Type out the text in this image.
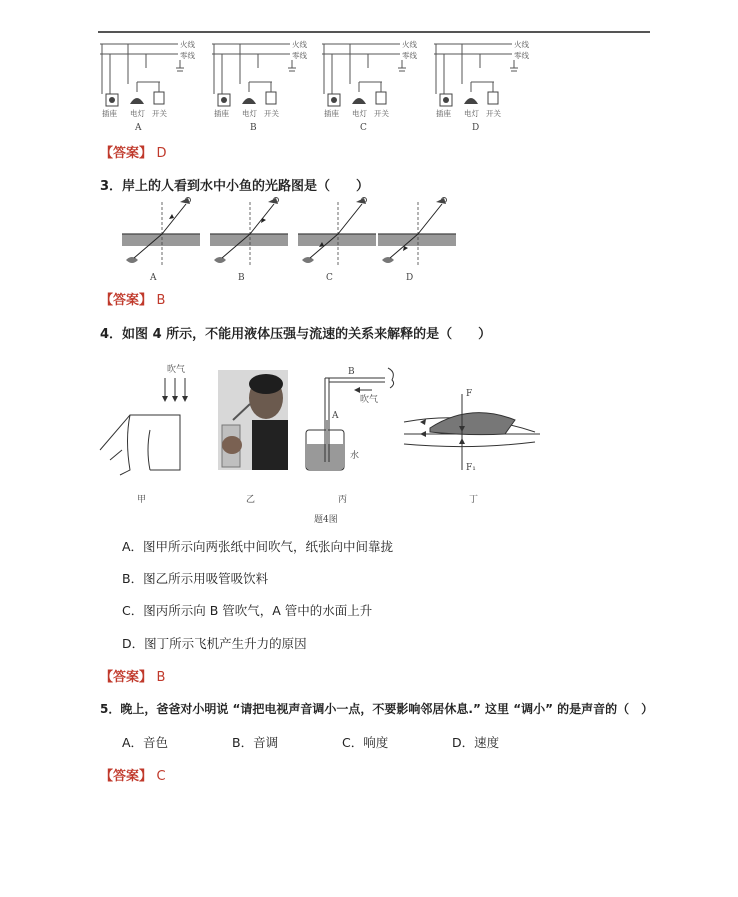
火线
零线
插座 电灯 开关
A
火线
零线
插座 电灯 开关
B
火线
零线
插座 电灯 开关
C
火线
零线
插座 电灯 开关
D
【答案】 D
3．岸上的人看到水中小鱼的光路图是（　　）
A	B	C	D
【答案】 B
4．如图 4 所示，不能用液体压强与流速的关系来解释的是（　　）
吹气
甲	乙
A
B
吹气
水
丙
F
F₁
丁
题4图
A．图甲所示向两张纸中间吹气，纸张向中间靠拢
B．图乙所示用吸管吸饮料
C．图丙所示向 B 管吹气，A 管中的水面上升
D．图丁所示飞机产生升力的原因
【答案】 B
5．晚上，爸爸对小明说 “请把电视声音调小一点，不要影响邻居休息.” 这里 “调小” 的是声音的（　）
A．音色	B．音调	C．响度	D．速度
【答案】 C
